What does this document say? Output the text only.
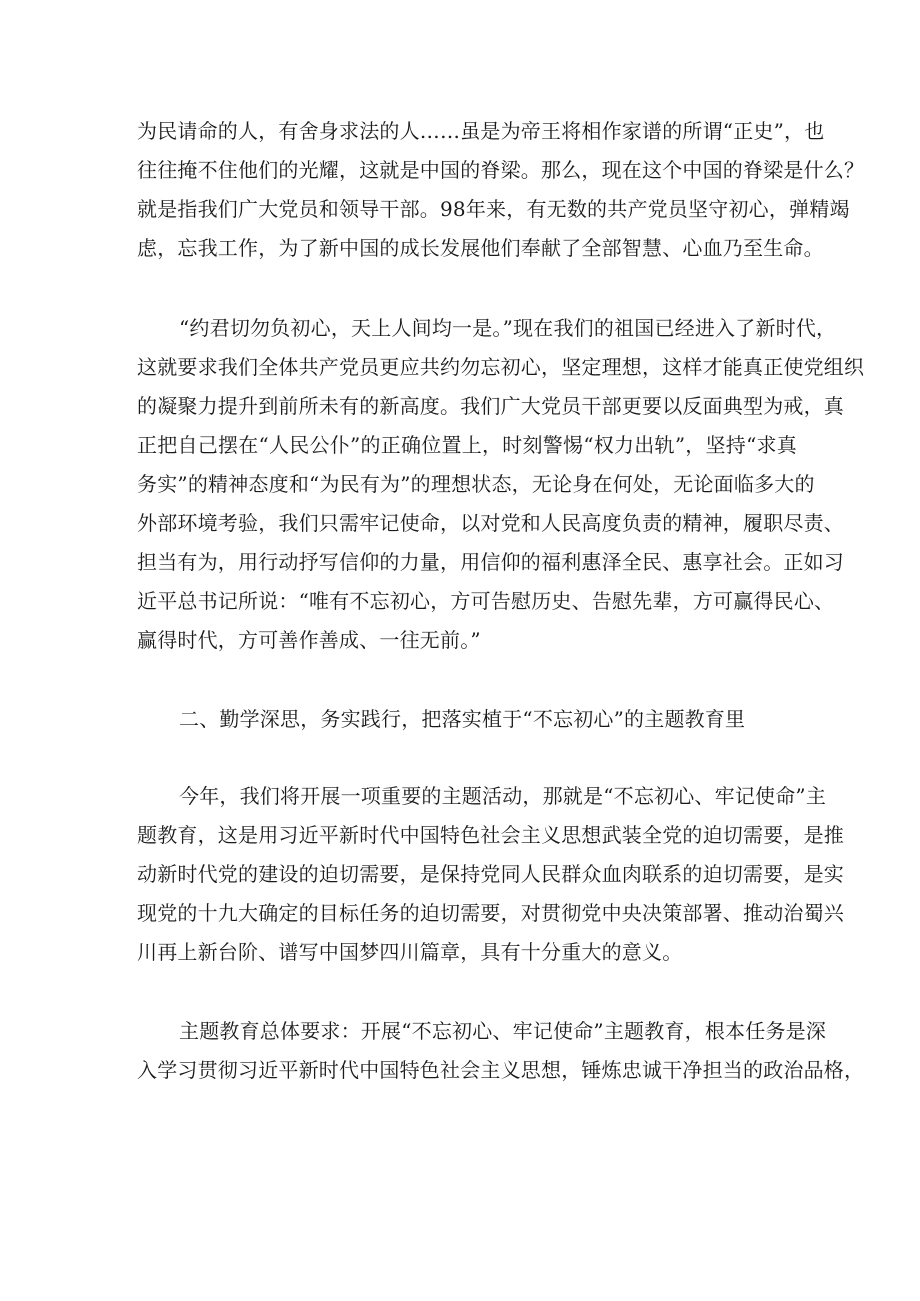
为民请命的人，有舍身求法的人……虽是为帝王将相作家谱的所谓“正史”，也
往往掩不住他们的光耀，这就是中国的脊梁。那么，现在这个中国的脊梁是什么？
就是指我们广大党员和领导干部。98年来，有无数的共产党员坚守初心，弹精竭
虑，忘我工作，为了新中国的成长发展他们奉献了全部智慧、心血乃至生命。
“约君切勿负初心，天上人间均一是。”现在我们的祖国已经进入了新时代，
这就要求我们全体共产党员更应共约勿忘初心，坚定理想，这样才能真正使党组织
的凝聚力提升到前所未有的新高度。我们广大党员干部更要以反面典型为戒，真
正把自己摆在“人民公仆”的正确位置上，时刻警惕“权力出轨”，坚持“求真
务实”的精神态度和“为民有为”的理想状态，无论身在何处，无论面临多大的
外部环境考验，我们只需牢记使命，以对党和人民高度负责的精神，履职尽责、
担当有为，用行动抒写信仰的力量，用信仰的福利惠泽全民、惠享社会。正如习
近平总书记所说：“唯有不忘初心，方可告慰历史、告慰先辈，方可赢得民心、
赢得时代，方可善作善成、一往无前。”
二、勤学深思，务实践行，把落实植于“不忘初心”的主题教育里
今年，我们将开展一项重要的主题活动，那就是“不忘初心、牢记使命”主
题教育，这是用习近平新时代中国特色社会主义思想武装全党的迫切需要，是推
动新时代党的建设的迫切需要，是保持党同人民群众血肉联系的迫切需要，是实
现党的十九大确定的目标任务的迫切需要，对贯彻党中央决策部署、推动治蜀兴
川再上新台阶、谱写中国梦四川篇章，具有十分重大的意义。
主题教育总体要求：开展“不忘初心、牢记使命”主题教育，根本任务是深
入学习贯彻习近平新时代中国特色社会主义思想，锤炼忠诚干净担当的政治品格，
